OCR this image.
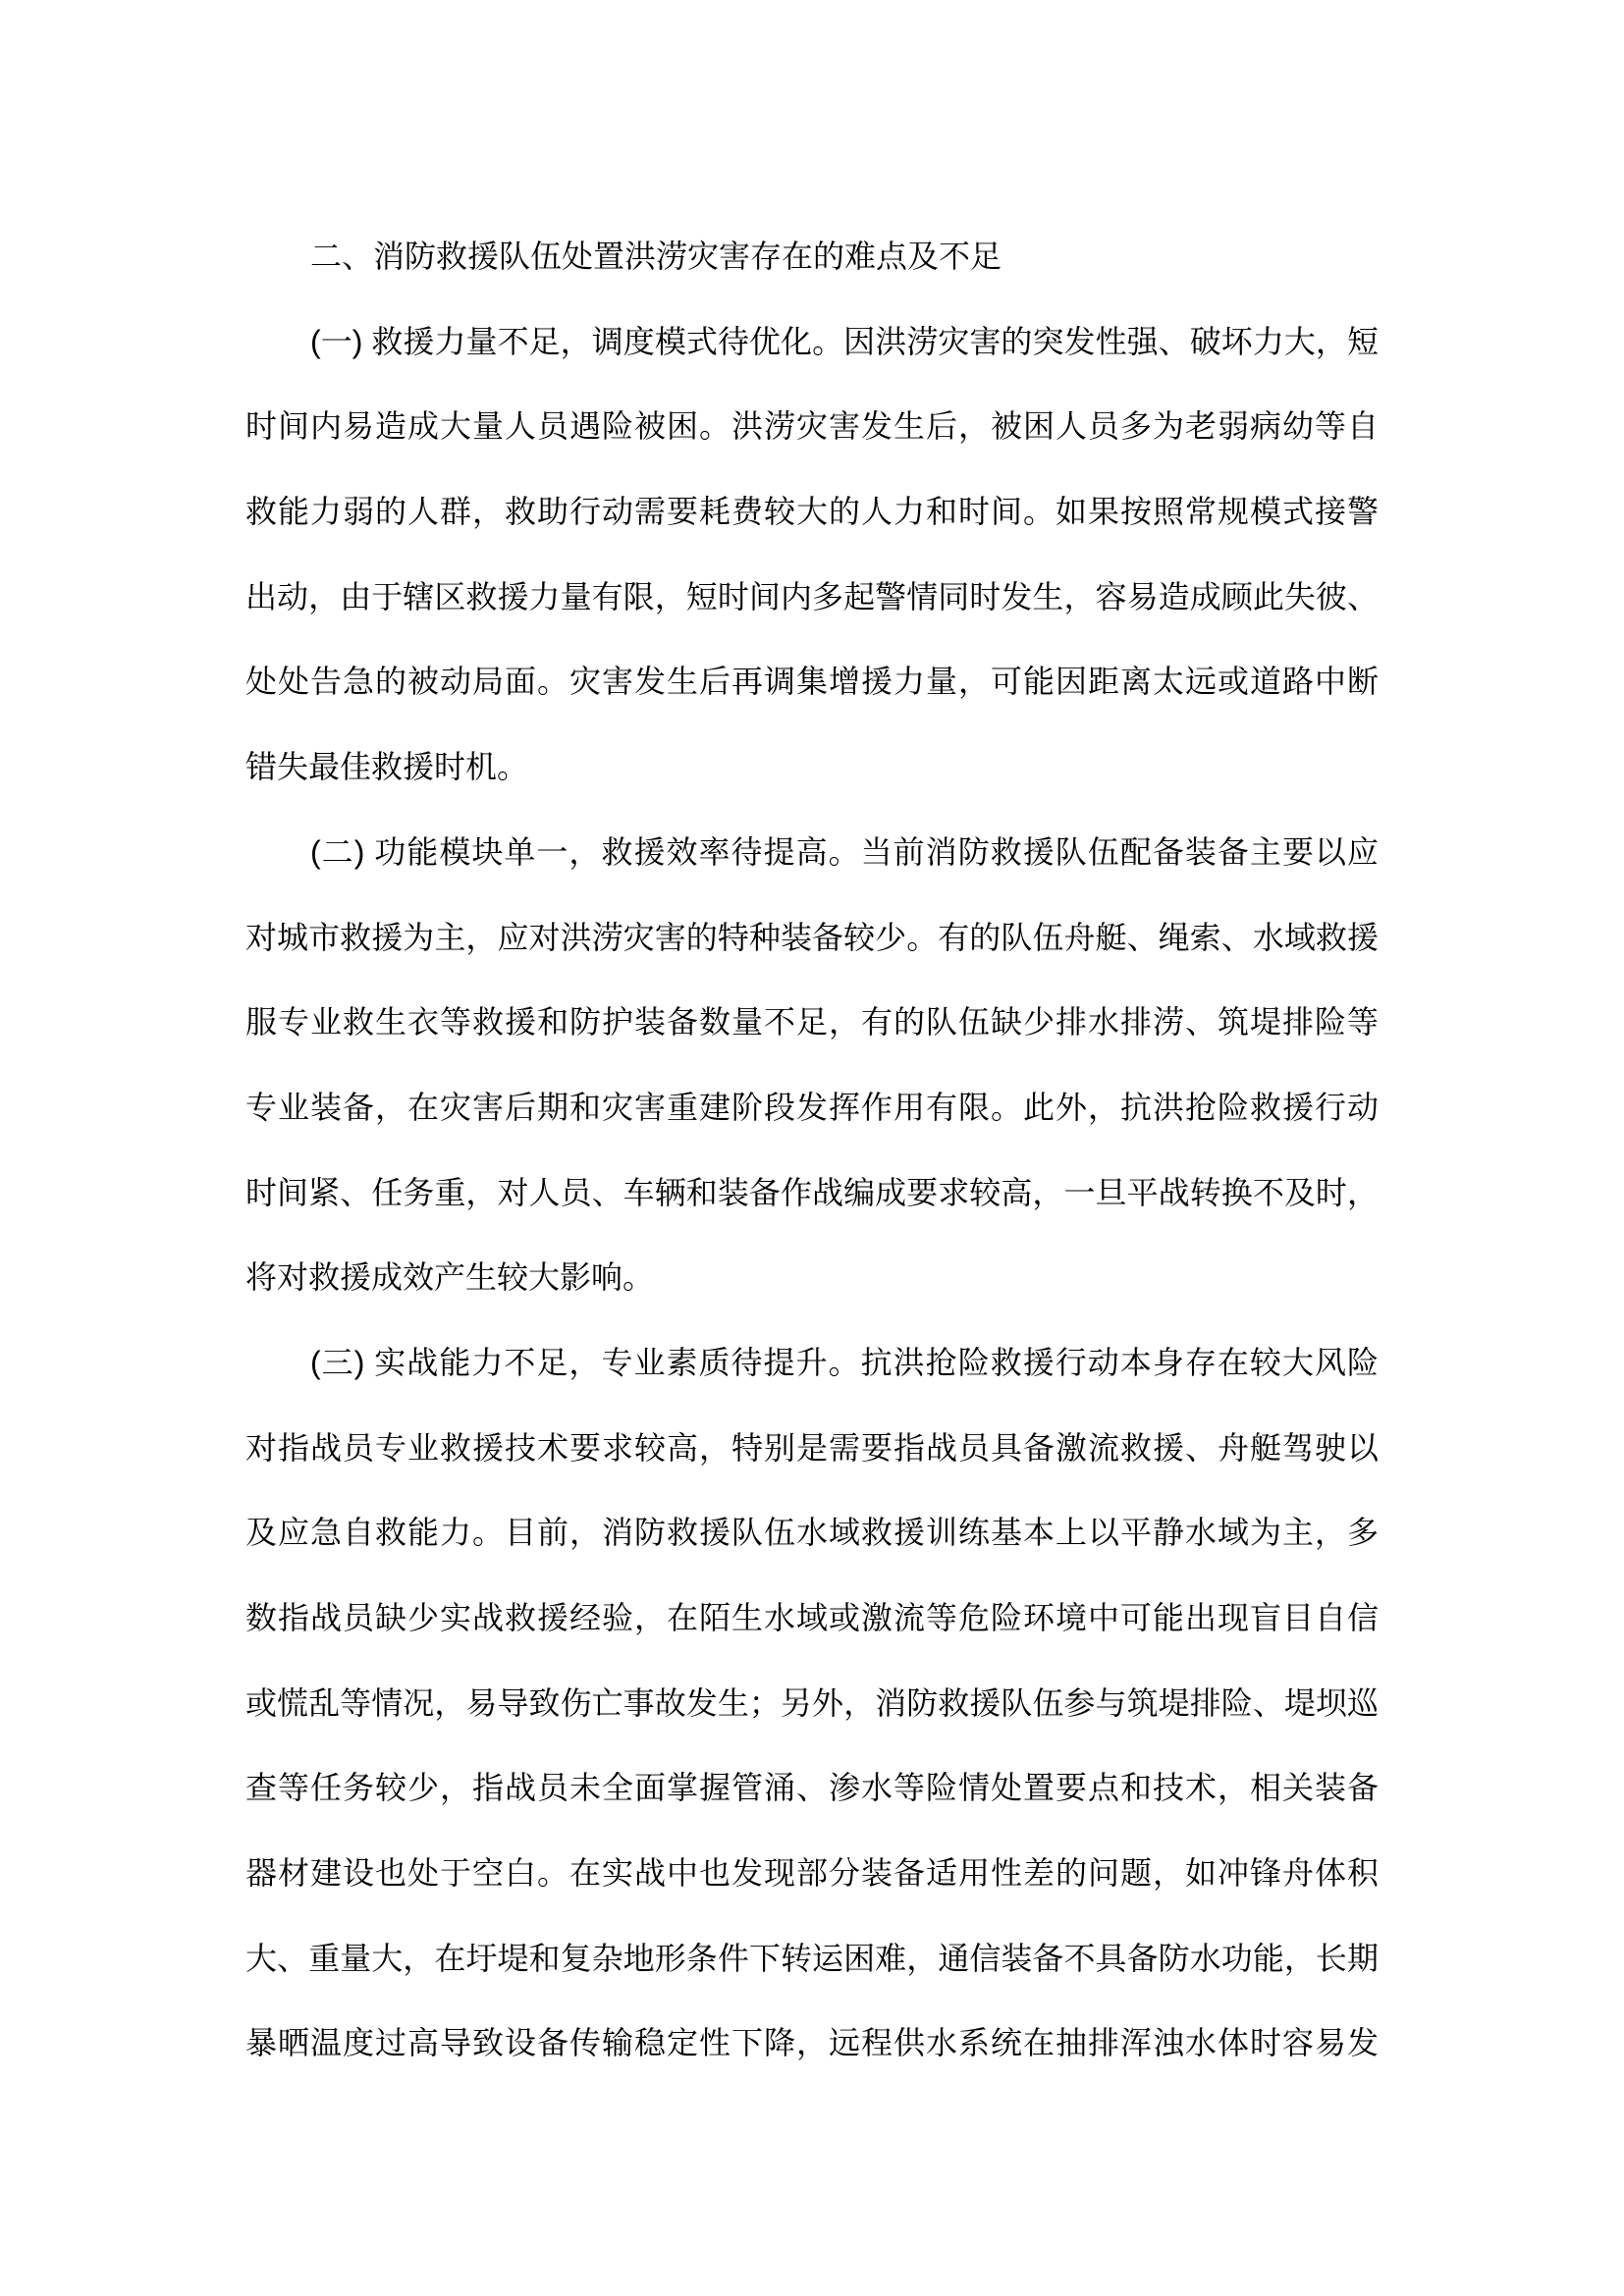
二、消防救援队伍处置洪涝灾害存在的难点及不足
(一) 救援力量不足，调度模式待优化。因洪涝灾害的突发性强、破坏力大，短
时间内易造成大量人员遇险被困。洪涝灾害发生后，被困人员多为老弱病幼等自
救能力弱的人群，救助行动需要耗费较大的人力和时间。如果按照常规模式接警
出动，由于辖区救援力量有限，短时间内多起警情同时发生，容易造成顾此失彼、
处处告急的被动局面。灾害发生后再调集增援力量，可能因距离太远或道路中断
错失最佳救援时机。
(二) 功能模块单一，救援效率待提高。当前消防救援队伍配备装备主要以应
对城市救援为主，应对洪涝灾害的特种装备较少。有的队伍舟艇、绳索、水域救援
服专业救生衣等救援和防护装备数量不足，有的队伍缺少排水排涝、筑堤排险等
专业装备，在灾害后期和灾害重建阶段发挥作用有限。此外，抗洪抢险救援行动
时间紧、任务重，对人员、车辆和装备作战编成要求较高，一旦平战转换不及时，
将对救援成效产生较大影响。
(三) 实战能力不足，专业素质待提升。抗洪抢险救援行动本身存在较大风险
对指战员专业救援技术要求较高，特别是需要指战员具备激流救援、舟艇驾驶以
及应急自救能力。目前，消防救援队伍水域救援训练基本上以平静水域为主，多
数指战员缺少实战救援经验，在陌生水域或激流等危险环境中可能出现盲目自信
或慌乱等情况，易导致伤亡事故发生；另外，消防救援队伍参与筑堤排险、堤坝巡
查等任务较少，指战员未全面掌握管涌、渗水等险情处置要点和技术，相关装备
器材建设也处于空白。在实战中也发现部分装备适用性差的问题，如冲锋舟体积
大、重量大，在圩堤和复杂地形条件下转运困难，通信装备不具备防水功能，长期
暴晒温度过高导致设备传输稳定性下降，远程供水系统在抽排浑浊水体时容易发
